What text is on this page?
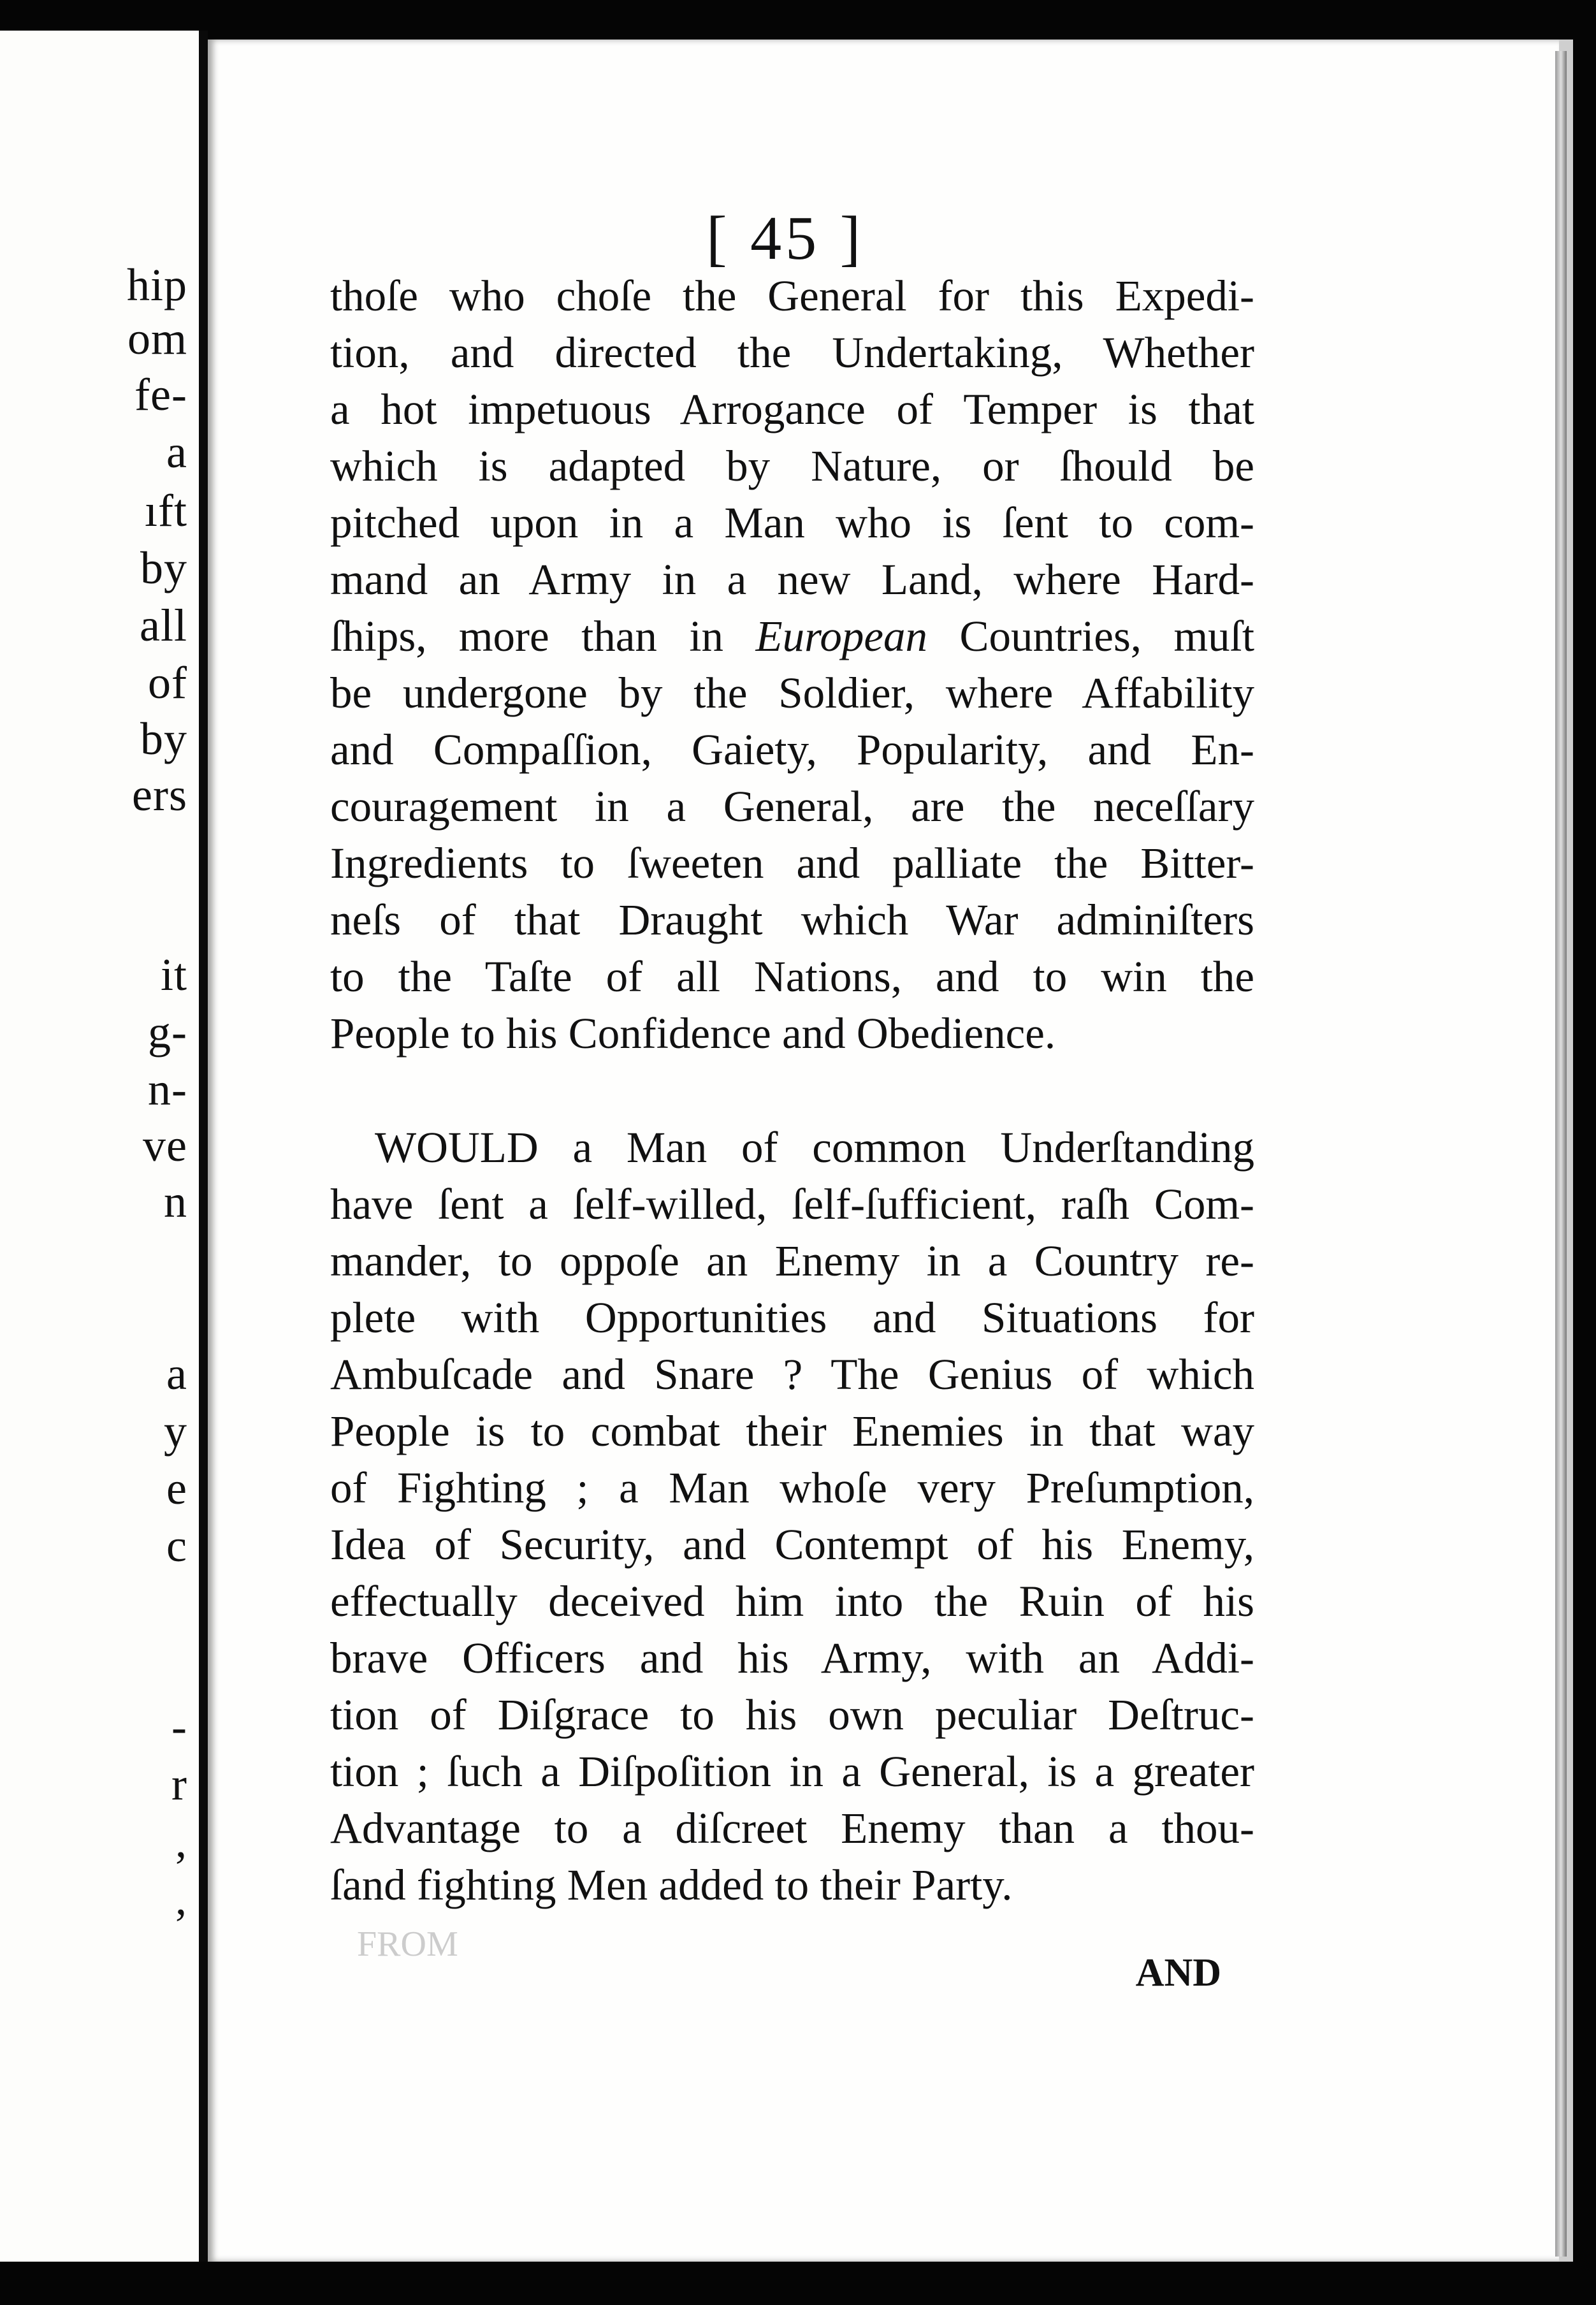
hip
om
fe-
a
ıft
by
all
of
by
ers
it
g-
n-
ve
n
a
y
e
c
-
r
,
,
[ 45 ]
FROM
thoſe who choſe the General for this Expedi-
tion, and directed the Undertaking, Whether
a hot impetuous Arrogance of Temper is that
which is adapted by Nature, or ſhould be
pitched upon in a Man who is ſent to com-
mand an Army in a new Land, where Hard-
ſhips, more than in European Countries, muſt
be undergone by the Soldier, where Affability
and Compaſſion, Gaiety, Popularity, and En-
couragement in a General, are the neceſſary
Ingredients to ſweeten and palliate the Bitter-
neſs of that Draught which War adminiſters
to the Taſte of all Nations, and to win the
People to his Confidence and Obedience.
WOULD a Man of common Underſtanding
have ſent a ſelf-willed, ſelf-ſufficient, raſh Com-
mander, to oppoſe an Enemy in a Country re-
plete with Opportunities and Situations for
Ambuſcade and Snare ? The Genius of which
People is to combat their Enemies in that way
of Fighting ; a Man whoſe very Preſumption,
Idea of Security, and Contempt of his Enemy,
effectually deceived him into the Ruin of his
brave Officers and his Army, with an Addi-
tion of Diſgrace to his own peculiar Deſtruc-
tion ; ſuch a Diſpoſition in a General, is a greater
Advantage to a diſcreet Enemy than a thou-
ſand fighting Men added to their Party.
AND
